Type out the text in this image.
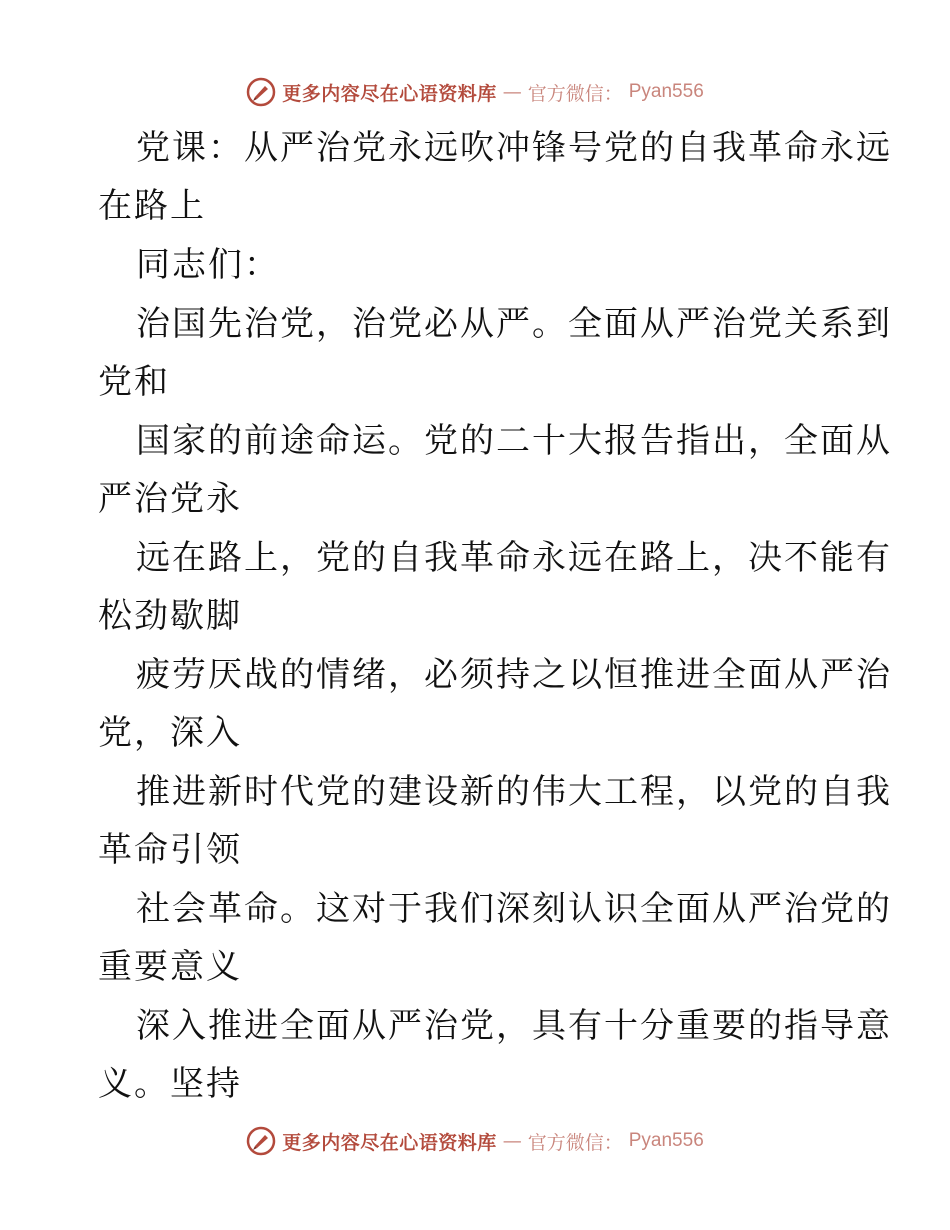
更多内容尽在心语资料库 — 官方微信： Pyan556
党课：从严治党永远吹冲锋号党的自我革命永远
在路上
同志们：
治国先治党，治党必从严。全面从严治党关系到
党和
国家的前途命运。党的二十大报告指出，全面从
严治党永
远在路上，党的自我革命永远在路上，决不能有
松劲歇脚
疲劳厌战的情绪，必须持之以恒推进全面从严治
党，深入
推进新时代党的建设新的伟大工程，以党的自我
革命引领
社会革命。这对于我们深刻认识全面从严治党的
重要意义
深入推进全面从严治党，具有十分重要的指导意
义。坚持
更多内容尽在心语资料库 — 官方微信： Pyan556
